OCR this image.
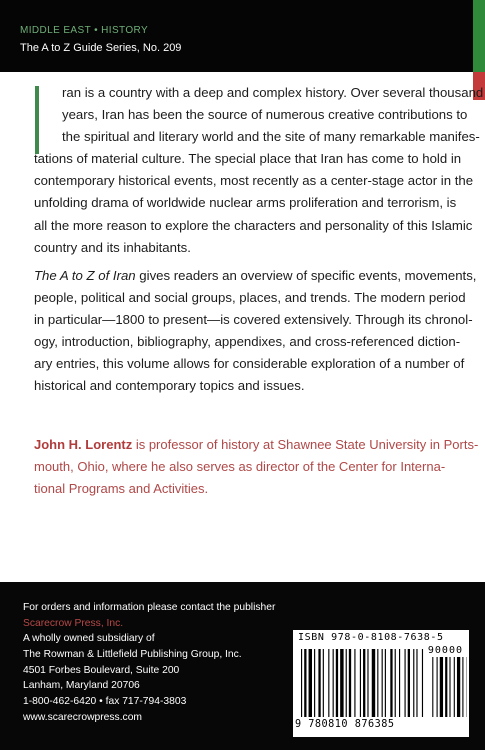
MIDDLE EAST • HISTORY
The A to Z Guide Series, No. 209
ran is a country with a deep and complex history. Over several thousand
years, Iran has been the source of numerous creative contributions to
the spiritual and literary world and the site of many remarkable manifes-
tations of material culture. The special place that Iran has come to hold in
contemporary historical events, most recently as a center-stage actor in the
unfolding drama of worldwide nuclear arms proliferation and terrorism, is
all the more reason to explore the characters and personality of this Islamic
country and its inhabitants.
The A to Z of Iran gives readers an overview of specific events, movements,
people, political and social groups, places, and trends. The modern period
in particular—1800 to present—is covered extensively. Through its chronol-
ogy, introduction, bibliography, appendixes, and cross-referenced diction-
ary entries, this volume allows for considerable exploration of a number of
historical and contemporary topics and issues.
John H. Lorentz is professor of history at Shawnee State University in Ports-
mouth, Ohio, where he also serves as director of the Center for Interna-
tional Programs and Activities.
For orders and information please contact the publisher
Scarecrow Press, Inc.
A wholly owned subsidiary of
The Rowman & Littlefield Publishing Group, Inc.
4501 Forbes Boulevard, Suite 200
Lanham, Maryland 20706
1-800-462-6420 • fax 717-794-3803
www.scarecrowpress.com
ISBN 978-0-8108-7638-5
90000
9 780810 876385
